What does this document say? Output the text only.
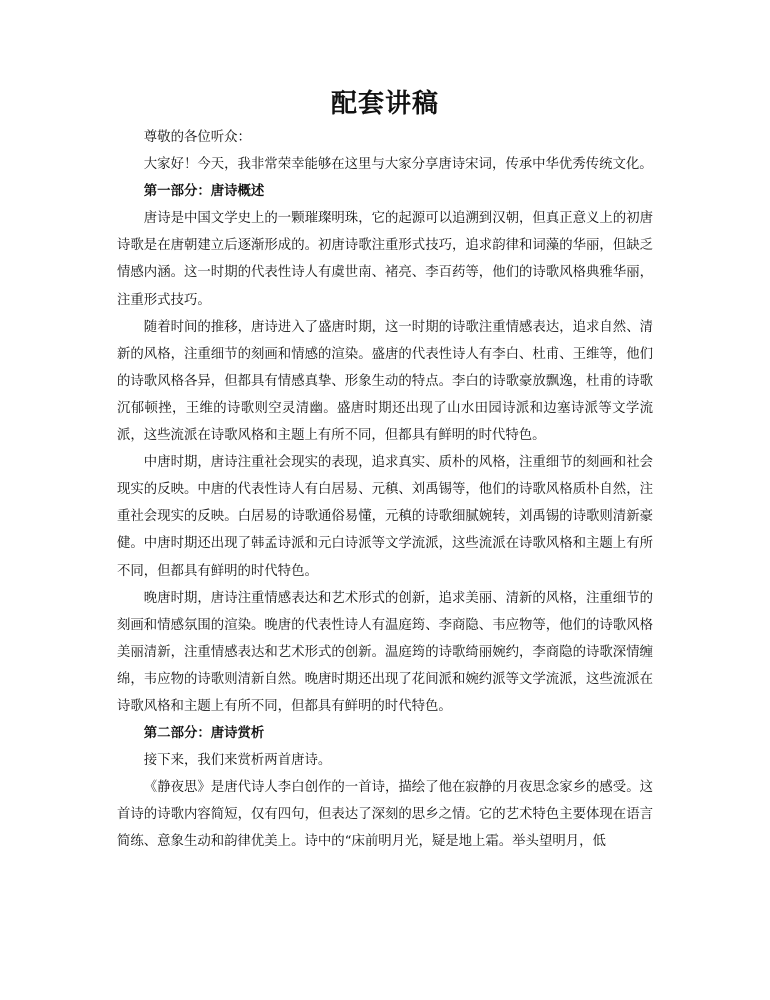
配套讲稿

尊敬的各位听众：

大家好！今天，我非常荣幸能够在这里与大家分享唐诗宋词，传承中华优秀传统文化。

第一部分：唐诗概述

唐诗是中国文学史上的一颗璀璨明珠，它的起源可以追溯到汉朝，但真正意义上的初唐诗歌是在唐朝建立后逐渐形成的。初唐诗歌注重形式技巧，追求韵律和词藻的华丽，但缺乏情感内涵。这一时期的代表性诗人有虞世南、褚亮、李百药等，他们的诗歌风格典雅华丽，注重形式技巧。

随着时间的推移，唐诗进入了盛唐时期，这一时期的诗歌注重情感表达，追求自然、清新的风格，注重细节的刻画和情感的渲染。盛唐的代表性诗人有李白、杜甫、王维等，他们的诗歌风格各异，但都具有情感真挚、形象生动的特点。李白的诗歌豪放飘逸，杜甫的诗歌沉郁顿挫，王维的诗歌则空灵清幽。盛唐时期还出现了山水田园诗派和边塞诗派等文学流派，这些流派在诗歌风格和主题上有所不同，但都具有鲜明的时代特色。

中唐时期，唐诗注重社会现实的表现，追求真实、质朴的风格，注重细节的刻画和社会现实的反映。中唐的代表性诗人有白居易、元稹、刘禹锡等，他们的诗歌风格质朴自然，注重社会现实的反映。白居易的诗歌通俗易懂，元稹的诗歌细腻婉转，刘禹锡的诗歌则清新豪健。中唐时期还出现了韩孟诗派和元白诗派等文学流派，这些流派在诗歌风格和主题上有所不同，但都具有鲜明的时代特色。

晚唐时期，唐诗注重情感表达和艺术形式的创新，追求美丽、清新的风格，注重细节的刻画和情感氛围的渲染。晚唐的代表性诗人有温庭筠、李商隐、韦应物等，他们的诗歌风格美丽清新，注重情感表达和艺术形式的创新。温庭筠的诗歌绮丽婉约，李商隐的诗歌深情缠绵，韦应物的诗歌则清新自然。晚唐时期还出现了花间派和婉约派等文学流派，这些流派在诗歌风格和主题上有所不同，但都具有鲜明的时代特色。

第二部分：唐诗赏析

接下来，我们来赏析两首唐诗。

《静夜思》是唐代诗人李白创作的一首诗，描绘了他在寂静的月夜思念家乡的感受。这首诗的诗歌内容简短，仅有四句，但表达了深刻的思乡之情。它的艺术特色主要体现在语言简练、意象生动和韵律优美上。诗中的“床前明月光，疑是地上霜。举头望明月，低
